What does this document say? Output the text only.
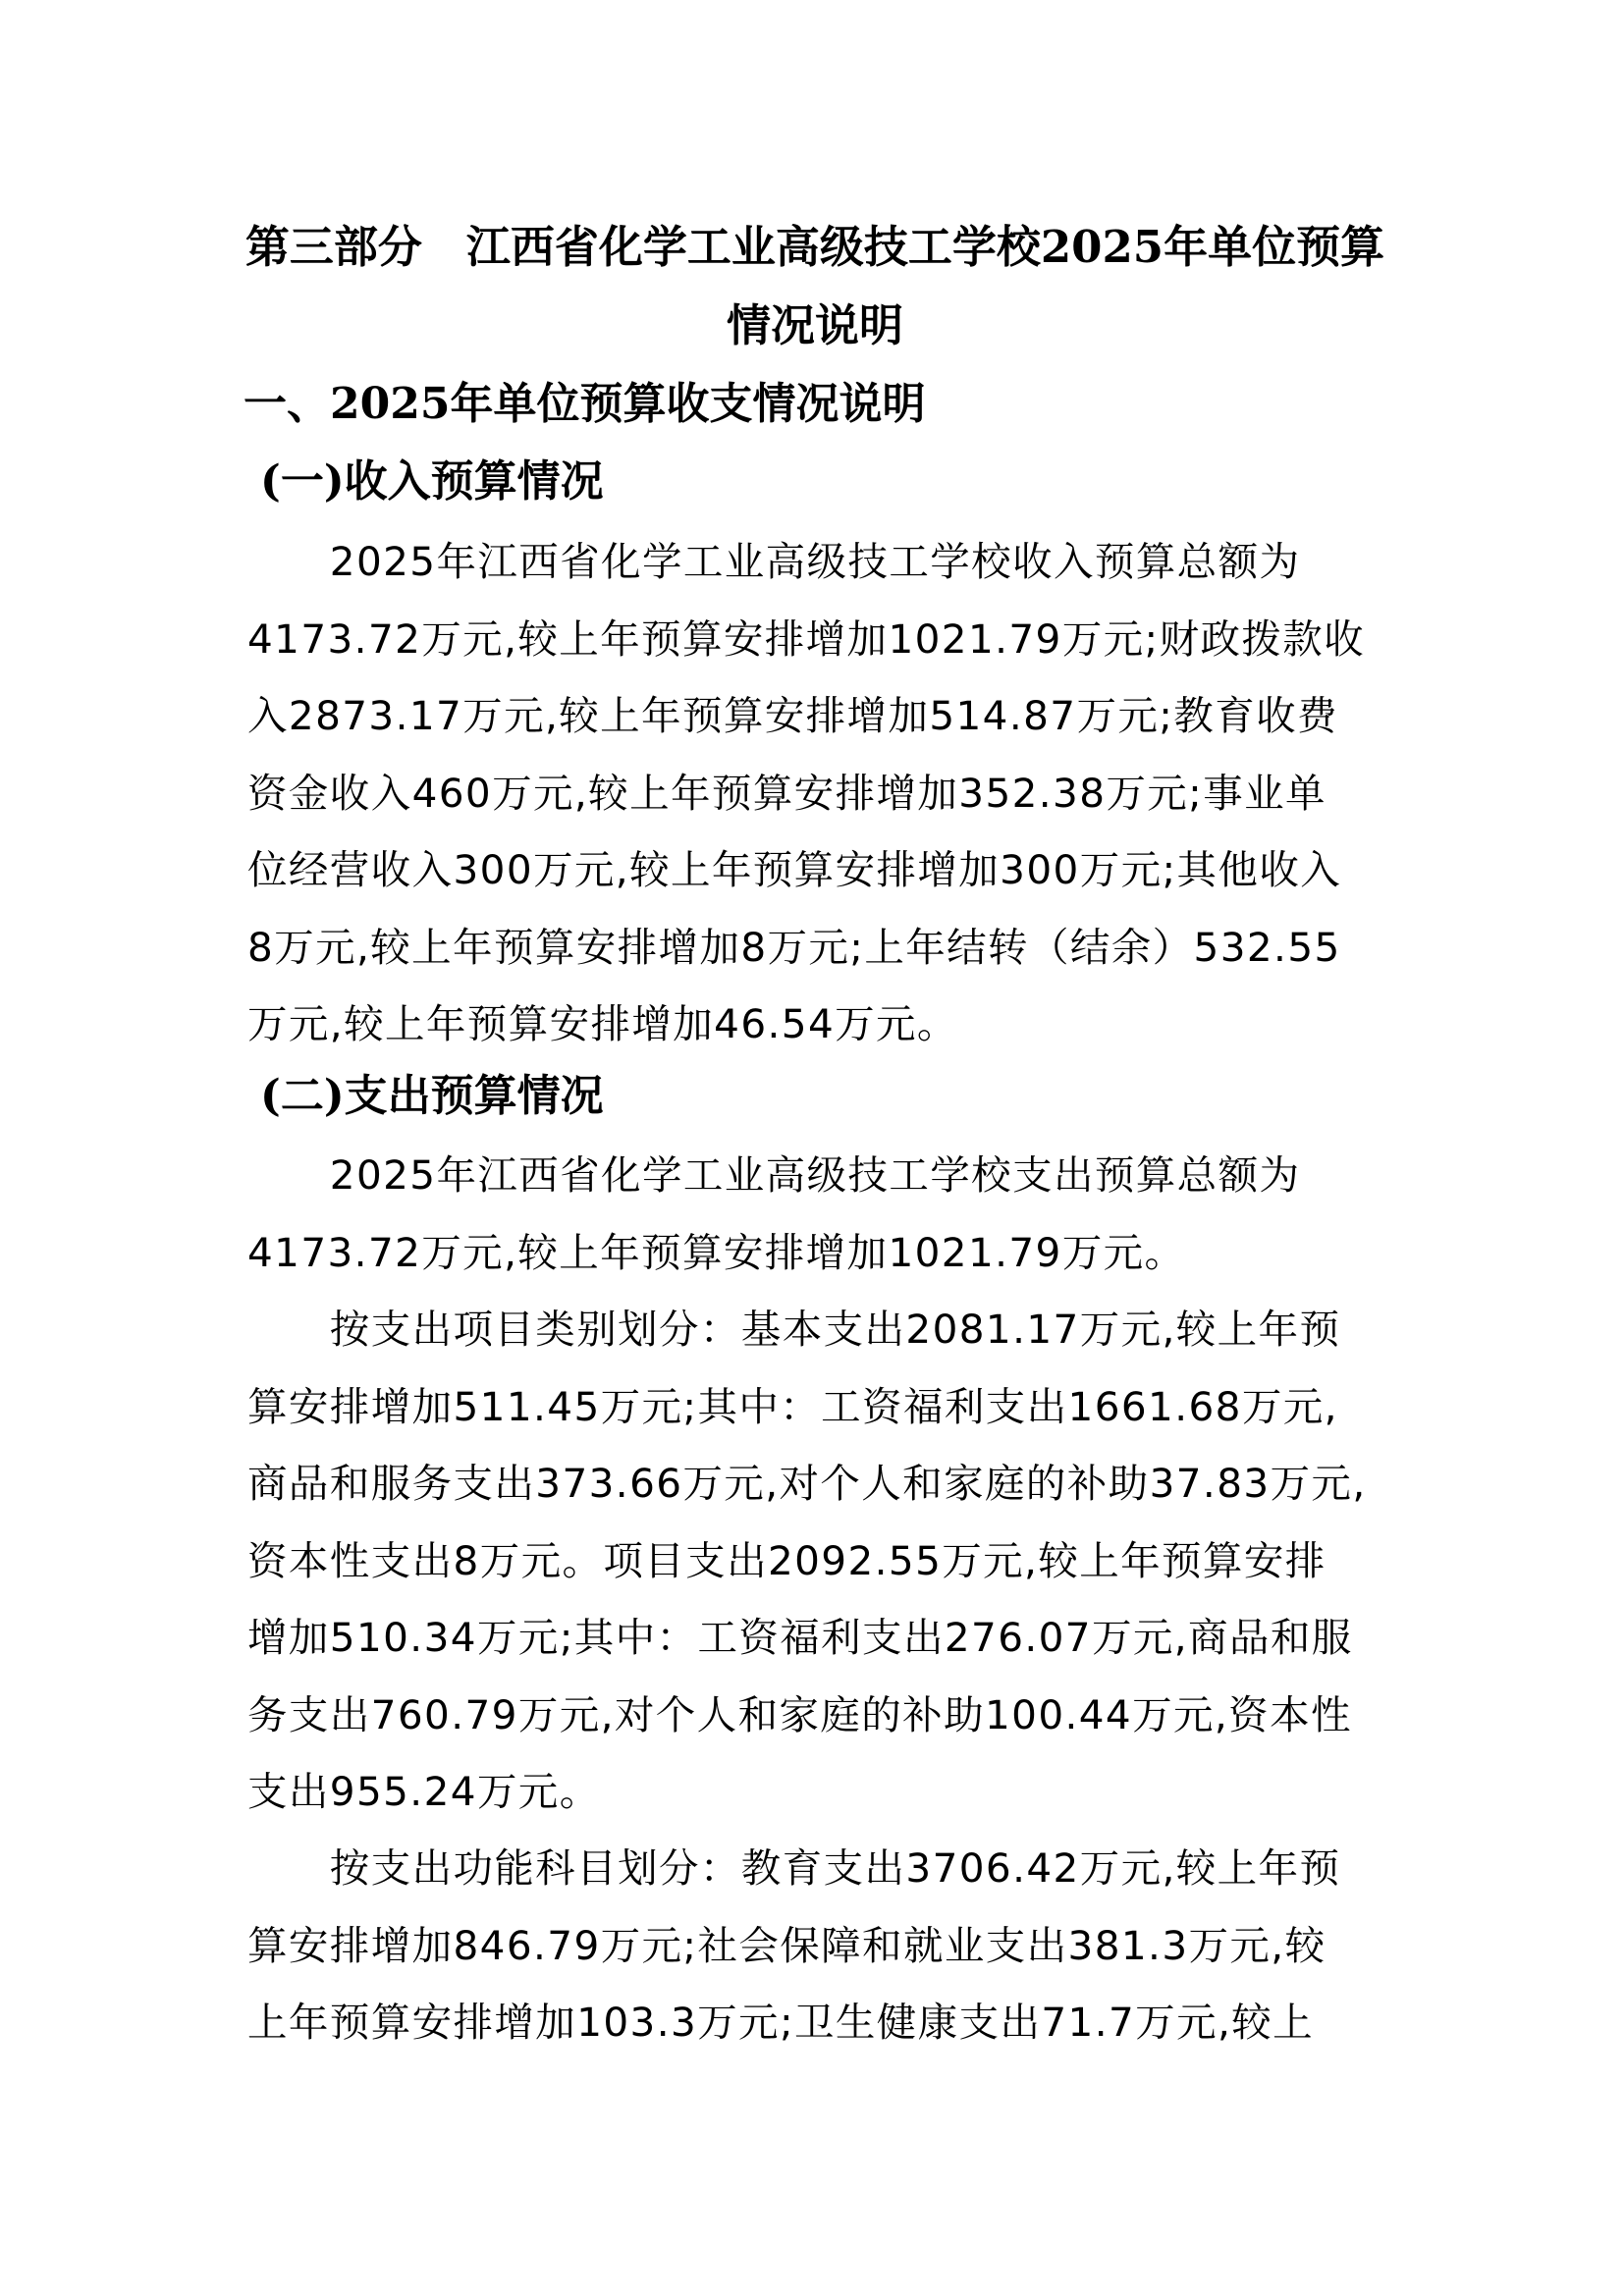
第三部分　江西省化学工业高级技工学校2025年单位预算
情况说明
一、2025年单位预算收支情况说明
(一)收入预算情况
　　2025年江西省化学工业高级技工学校收入预算总额为
4173.72万元,较上年预算安排增加1021.79万元;财政拨款收
入2873.17万元,较上年预算安排增加514.87万元;教育收费
资金收入460万元,较上年预算安排增加352.38万元;事业单
位经营收入300万元,较上年预算安排增加300万元;其他收入
8万元,较上年预算安排增加8万元;上年结转（结余）532.55
万元,较上年预算安排增加46.54万元。
(二)支出预算情况
　　2025年江西省化学工业高级技工学校支出预算总额为
4173.72万元,较上年预算安排增加1021.79万元。
　　按支出项目类别划分：基本支出2081.17万元,较上年预
算安排增加511.45万元;其中：工资福利支出1661.68万元,
商品和服务支出373.66万元,对个人和家庭的补助37.83万元,
资本性支出8万元。项目支出2092.55万元,较上年预算安排
增加510.34万元;其中：工资福利支出276.07万元,商品和服
务支出760.79万元,对个人和家庭的补助100.44万元,资本性
支出955.24万元。
　　按支出功能科目划分：教育支出3706.42万元,较上年预
算安排增加846.79万元;社会保障和就业支出381.3万元,较
上年预算安排增加103.3万元;卫生健康支出71.7万元,较上
